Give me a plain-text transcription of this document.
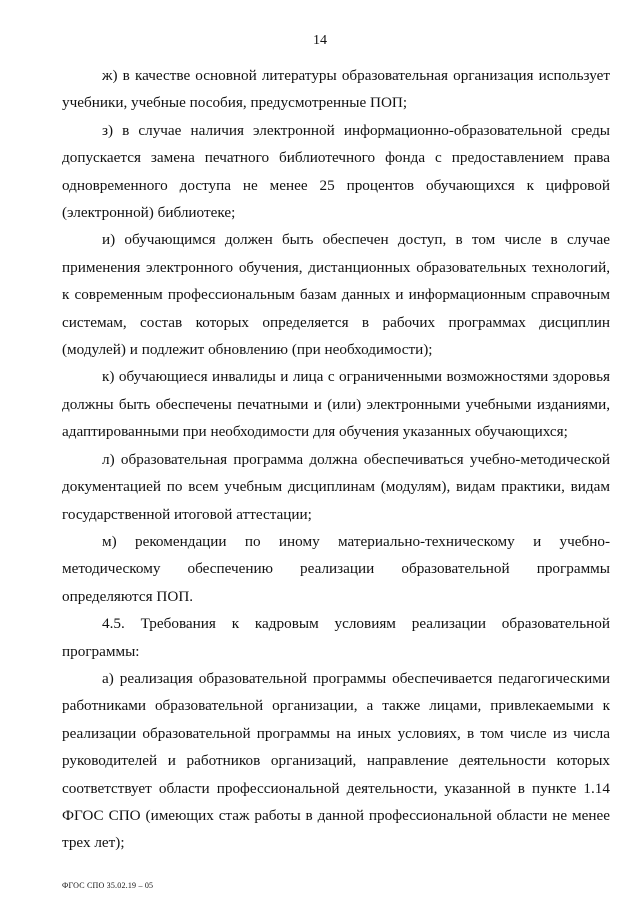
14

ж) в качестве основной литературы образовательная организация использует учебники, учебные пособия, предусмотренные ПОП;

з) в случае наличия электронной информационно-образовательной среды допускается замена печатного библиотечного фонда с предоставлением права одновременного доступа не менее 25 процентов обучающихся к цифровой (электронной) библиотеке;

и) обучающимся должен быть обеспечен доступ, в том числе в случае применения электронного обучения, дистанционных образовательных технологий, к современным профессиональным базам данных и информационным справочным системам, состав которых определяется в рабочих программах дисциплин (модулей) и подлежит обновлению (при необходимости);

к) обучающиеся инвалиды и лица с ограниченными возможностями здоровья должны быть обеспечены печатными и (или) электронными учебными изданиями, адаптированными при необходимости для обучения указанных обучающихся;

л) образовательная программа должна обеспечиваться учебно-методической документацией по всем учебным дисциплинам (модулям), видам практики, видам государственной итоговой аттестации;

м) рекомендации по иному материально-техническому и учебно-методическому обеспечению реализации образовательной программы определяются ПОП.

4.5. Требования к кадровым условиям реализации образовательной программы:

а) реализация образовательной программы обеспечивается педагогическими работниками образовательной организации, а также лицами, привлекаемыми к реализации образовательной программы на иных условиях, в том числе из числа руководителей и работников организаций, направление деятельности которых соответствует области профессиональной деятельности, указанной в пункте 1.14 ФГОС СПО (имеющих стаж работы в данной профессиональной области не менее трех лет);

ФГОС СПО 35.02.19 – 05
